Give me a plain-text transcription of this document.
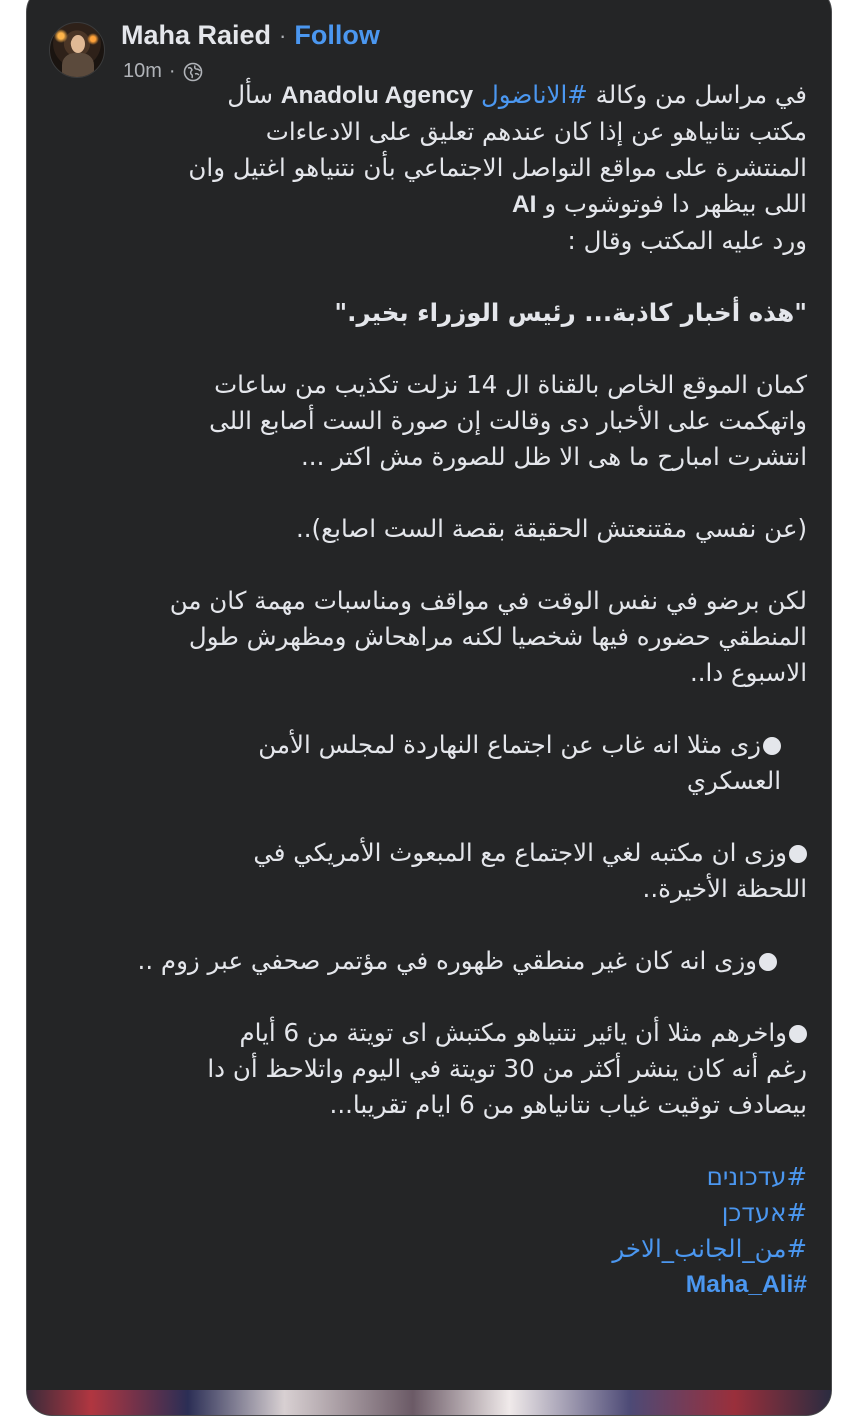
Maha Raied · Follow
10m ·
في مراسل من وكالة #الاناضول Anadolu Agency سأل
مكتب نتانياهو عن إذا كان عندهم تعليق على الادعاءات
المنتشرة على مواقع التواصل الاجتماعي بأن نتنياهو اغتيل وان
اللى بيظهر دا فوتوشوب و AI
ورد عليه المكتب وقال :
"هذه أخبار كاذبة... رئيس الوزراء بخير."
كمان الموقع الخاص بالقناة ال 14 نزلت تكذيب من ساعات
واتهكمت على الأخبار دى وقالت إن صورة الست أصابع اللى
انتشرت امبارح ما هى الا ظل للصورة مش اكتر ...
(عن نفسي مقتنعتش الحقيقة بقصة الست اصابع)..
لكن برضو في نفس الوقت في مواقف ومناسبات مهمة كان من
المنطقي حضوره فيها شخصيا لكنه مراهحاش ومظهرش طول
الاسبوع دا..
زى مثلا انه غاب عن اجتماع النهاردة لمجلس الأمن
العسكري
وزى ان مكتبه لغي الاجتماع مع المبعوث الأمريكي في
اللحظة الأخيرة..
وزى انه كان غير منطقي ظهوره في مؤتمر صحفي عبر زوم ..
واخرهم مثلا أن يائير نتنياهو مكتبش اى تويتة من 6 أيام
رغم أنه كان ينشر أكثر من 30 تويتة في اليوم واتلاحظ أن دا
بيصادف توقيت غياب نتانياهو من 6 ايام تقريبا...
#עדכונים
#אעדכן
#من_الجانب_الاخر
#Maha_Ali
